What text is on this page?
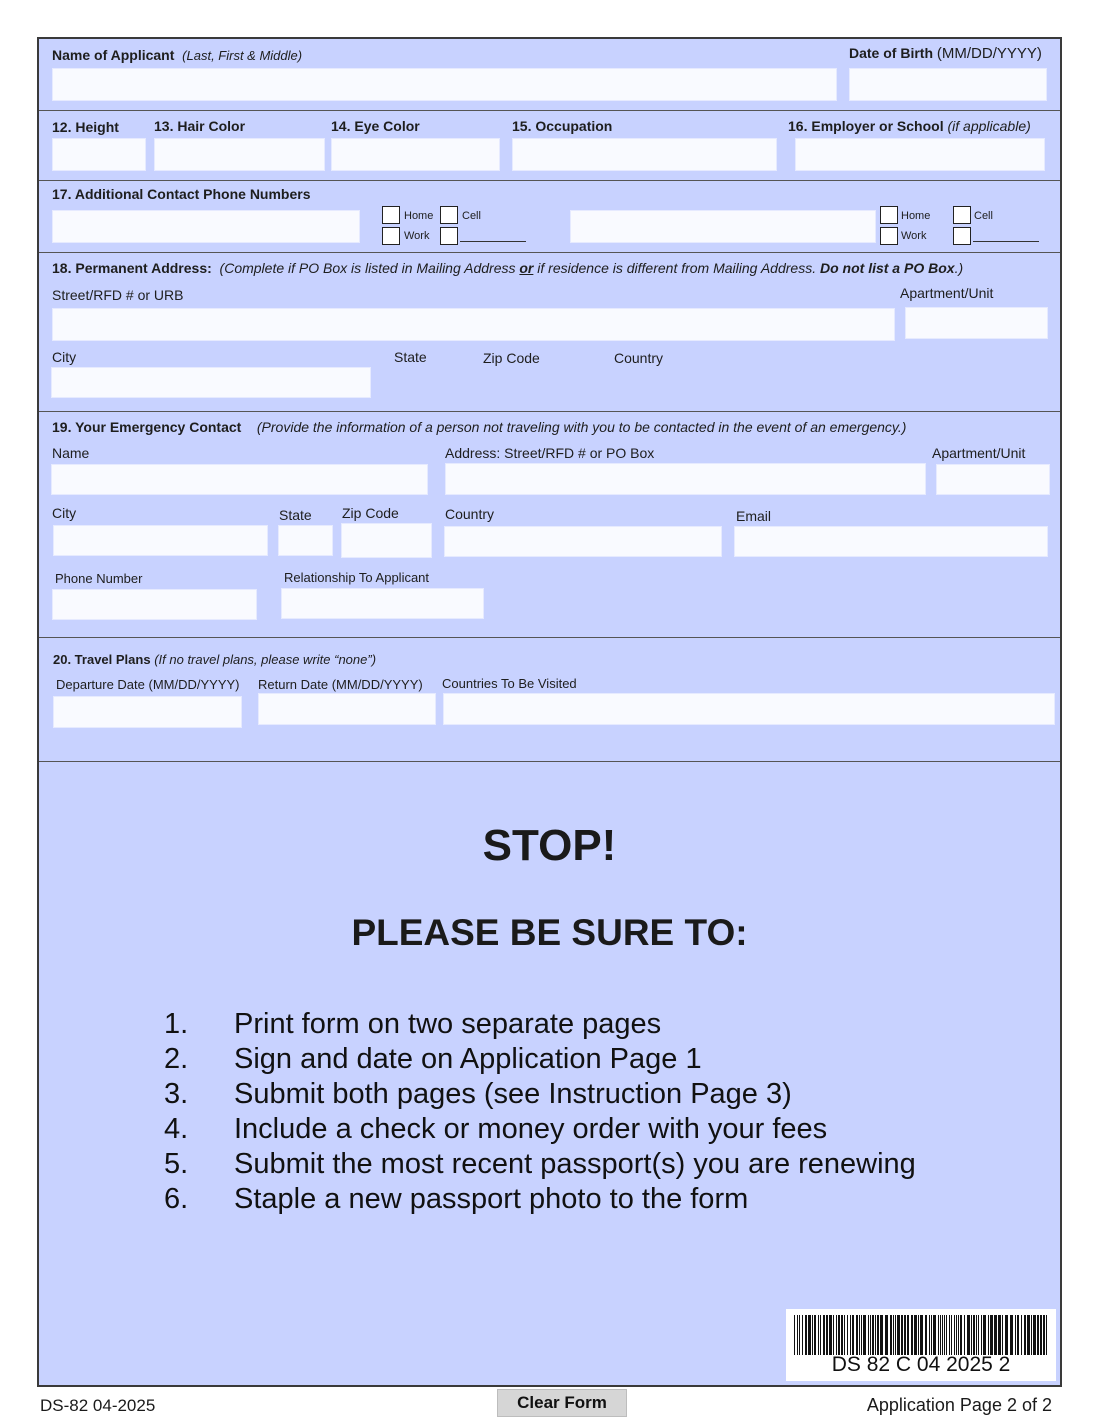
Name of Applicant (Last, First & Middle)	Date of Birth (MM/DD/YYYY)
12. Height	13. Hair Color	14. Eye Color	15. Occupation	16. Employer or School (if applicable)
17. Additional Contact Phone Numbers
Home	Cell
Work
Home	Cell
Work
18. Permanent Address: (Complete if PO Box is listed in Mailing Address or if residence is different from Mailing Address. Do not list a PO Box.)
Street/RFD # or URB	Apartment/Unit
City	State	Zip Code	Country
19. Your Emergency Contact (Provide the information of a person not traveling with you to be contacted in the event of an emergency.)
Name	Address: Street/RFD # or PO Box	Apartment/Unit
City	State Zip Code	Country	Email
Phone Number	Relationship To Applicant
20. Travel Plans (If no travel plans, please write “none”)
Departure Date (MM/DD/YYYY) Return Date (MM/DD/YYYY) Countries To Be Visited
STOP!
PLEASE BE SURE TO:
1.	Print form on two separate pages
2.	Sign and date on Application Page 1
3.	Submit both pages (see Instruction Page 3)
4.	Include a check or money order with your fees
5.	Submit the most recent passport(s) you are renewing
6.	Staple a new passport photo to the form
DS 82 C 04 2025 2
DS-82 04-2025	Clear Form	Application Page 2 of 2
